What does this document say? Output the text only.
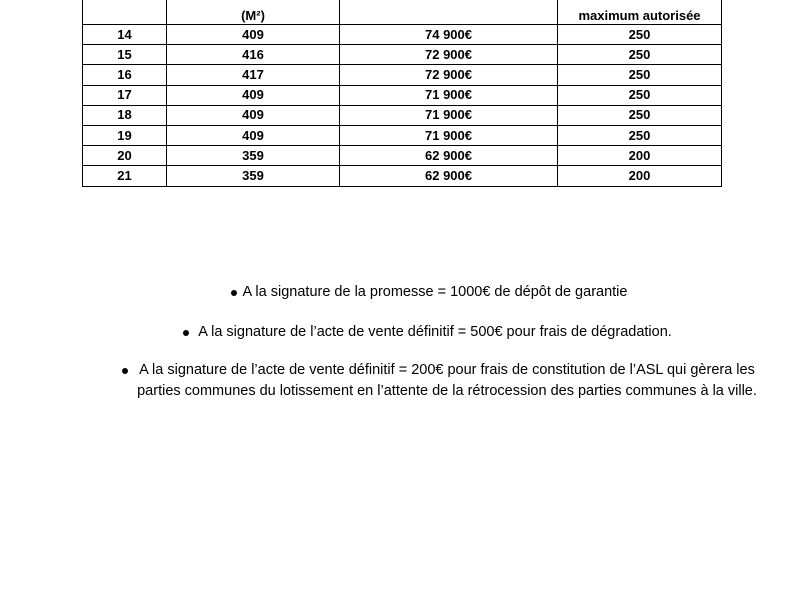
	(M²)		maximum autorisée
14	409	74 900€	250
15	416	72 900€	250
16	417	72 900€	250
17	409	71 900€	250
18	409	71 900€	250
19	409	71 900€	250
20	359	62 900€	200
21	359	62 900€	200

A la signature de la promesse = 1000€ de dépôt de garantie

A la signature de l’acte de vente définitif = 500€ pour frais de dégradation.

A la signature de l’acte de vente définitif = 200€ pour frais de constitution de l’ASL qui gèrera les parties communes du lotissement en l’attente de la rétrocession des parties communes à la ville.
